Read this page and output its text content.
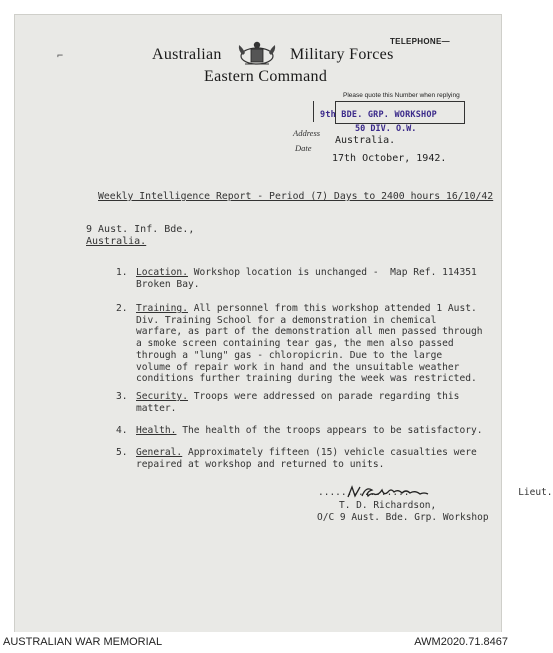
⌐
TELEPHONE—
Australian	Military Forces
Eastern Command
Please quote this Number when replying
9th BDE. GRP. WORKSHOP
50 DIV. O.W.
Address
Australia.
Date
17th October, 1942.
Weekly Intelligence Report - Period (7) Days to 2400 hours 16/10/42
9 Aust. Inf. Bde.,
Australia.
1. Location. Workshop location is unchanged -  Map Ref. 114351
Broken Bay.
2. Training. All personnel from this workshop attended 1 Aust.
Div. Training School for a demonstration in chemical
warfare, as part of the demonstration all men passed through
a smoke screen containing tear gas, the men also passed
through a "lung" gas - chloropicrin. Due to the large
volume of repair work in hand and the unsuitable weather
conditions further training during the week was restricted.
3. Security. Troops were addressed on parade regarding this
matter.
4. Health. The health of the troops appears to be satisfactory.
5. General. Approximately fifteen (15) vehicle casualties were
repaired at workshop and returned to units.
................	Lieut.
T. D. Richardson,
O/C 9 Aust. Bde. Grp. Workshop
AUSTRALIAN WAR MEMORIAL	AWM2020.71.8467
